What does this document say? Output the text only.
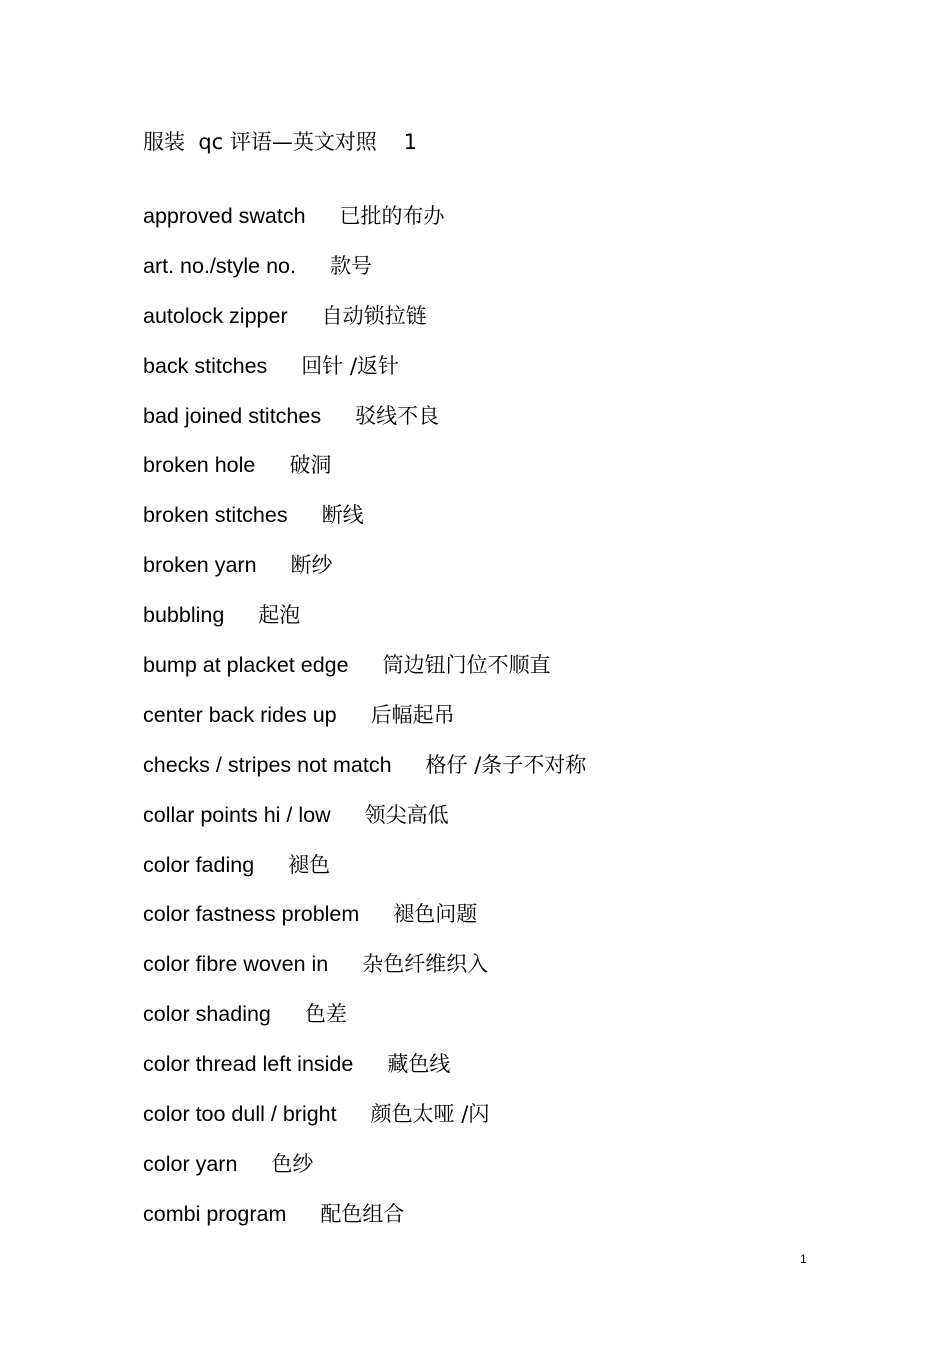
服装  qc 评语—英文对照    1
approved swatch 已批的布办
art. no./style no. 款号
autolock zipper 自动锁拉链
back stitches 回针 /返针
bad joined stitches 驳线不良
broken hole 破洞
broken stitches 断线
broken yarn 断纱
bubbling 起泡
bump at placket edge 筒边钮门位不顺直
center back rides up 后幅起吊
checks / stripes not match 格仔 /条子不对称
collar points hi / low 领尖高低
color fading 褪色
color fastness problem 褪色问题
color fibre woven in 杂色纤维织入
color shading 色差
color thread left inside 藏色线
color too dull / bright 颜色太哑 /闪
color yarn 色纱
combi program 配色组合
1
